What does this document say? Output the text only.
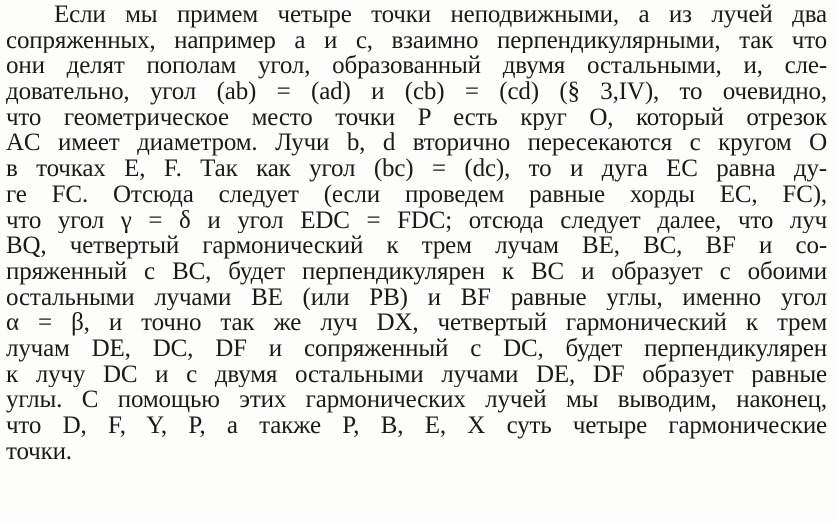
Если мы примем четыре точки неподвижными, а из лучей два
сопряженных, например a и c, взаимно перпендикулярными, так что
они делят пополам угол, образованный двумя остальными, и, сле-
довательно, угол (ab) = (ad) и (cb) = (cd) (§ 3,IV), то очевидно,
что геометрическое место точки P есть круг O, который отрезок
AC имеет диаметром. Лучи b, d вторично пересекаются с кругом O
в точках E, F. Так как угол (bc) = (dc), то и дуга EC равна ду-
ге FC. Отсюда следует (если проведем равные хорды EC, FC),
что угол γ = δ и угол EDC = FDC; отсюда следует далее, что луч
BQ, четвертый гармонический к трем лучам BE, BC, BF и со-
пряженный с BC, будет перпендикулярен к BC и образует с обоими
остальными лучами BE (или PB) и BF равные углы, именно угол
α = β, и точно так же луч DX, четвертый гармонический к трем
лучам DE, DC, DF и сопряженный с DC, будет перпендикулярен
к лучу DC и с двумя остальными лучами DE, DF образует равные
углы. С помощью этих гармонических лучей мы выводим, наконец,
что D, F, Y, P, а также P, B, E, X суть четыре гармонические
точки.
